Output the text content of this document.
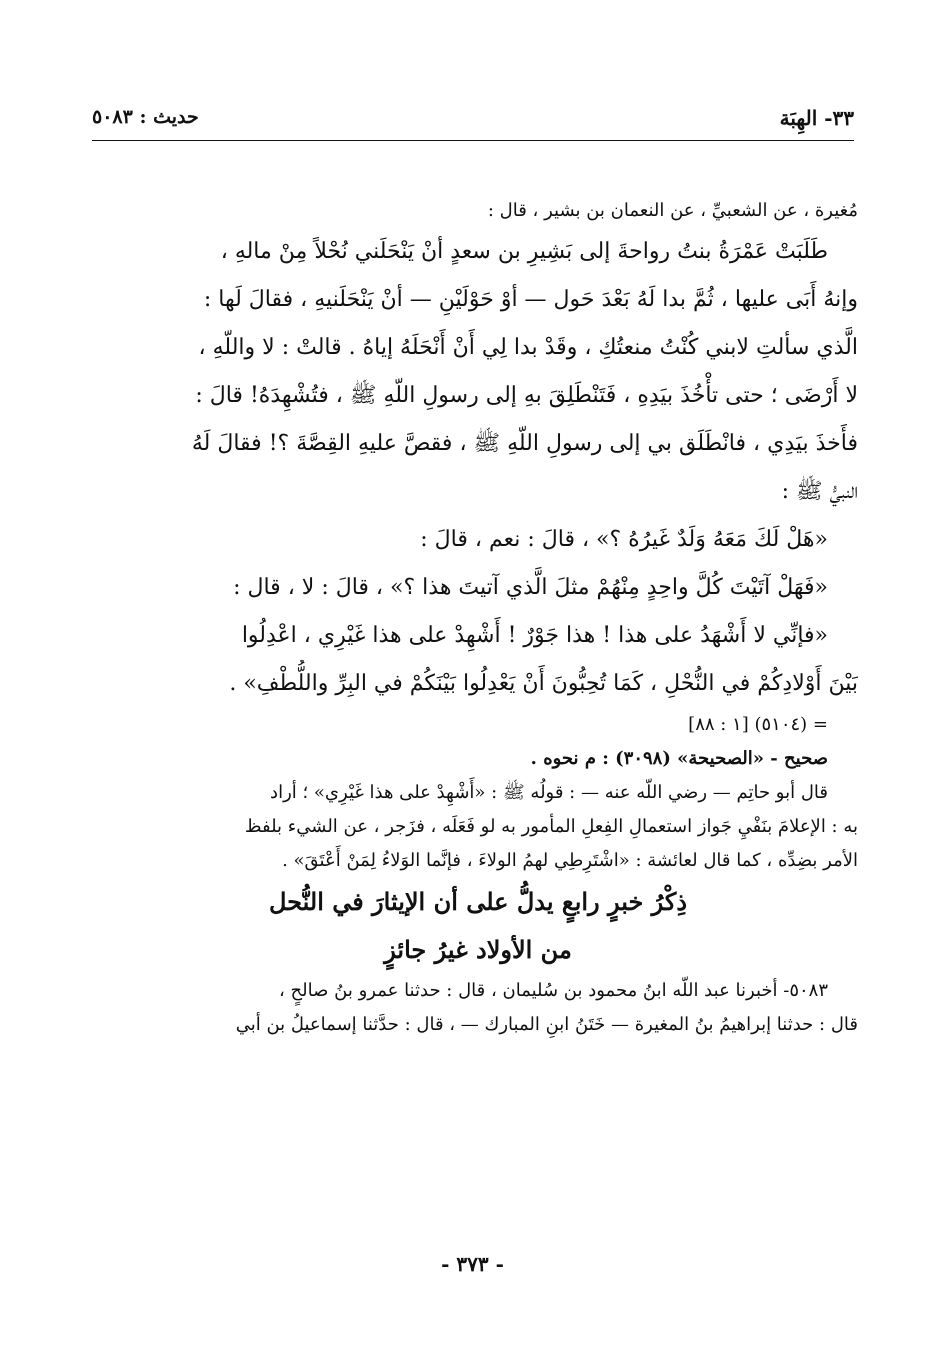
٣٣- الهِبَة
حديث : ٥٠٨٣
مُغيرة ، عن الشعبيِّ ، عن النعمان بن بشير ، قال :
طَلَبَتْ عَمْرَةُ بنتُ رواحةَ إلى بَشِيرِ بن سعدٍ أنْ يَنْحَلَني نُحْلاً مِنْ مالهِ ،
وإنهُ أَبَى عليها ، ثُمَّ بدا لَهُ بَعْدَ حَول — أوْ حَوْلَيْنِ — أنْ يَنْحَلَنيهِ ، فقالَ لَها :
الَّذي سألتِ لابني كُنْتُ منعتُكِ ، وقَدْ بدا لِي أَنْ أَنْحَلَهُ إياهُ . قالتْ : لا واللّهِ ،
لا أَرْضَى ؛ حتى تأْخُذَ بيَدِهِ ، فَتَنْطَلِقَ بهِ إلى رسولِ اللّهِ ﷺ ، فتُشْهِدَهُ! قالَ :
فأَخذَ بيَدِي ، فانْطَلَق بي إلى رسولِ اللّهِ ﷺ ، فقصَّ عليهِ القِصَّةَ ؟! فقالَ لَهُ
النبيُّ ﷺ :
«هَلْ لَكَ مَعَهُ وَلَدٌ غَيرُهُ ؟» ، قالَ : نعم ، قالَ :
«فَهَلْ آتَيْتَ كُلَّ واحِدٍ مِنْهُمْ مثلَ الَّذي آتيتَ هذا ؟» ، قالَ : لا ، قال :
«فإنِّي لا أَشْهَدُ على هذا ! هذا جَوْرٌ ! أَشْهِدْ على هذا غَيْرِي ، اعْدِلُوا
بَيْنَ أَوْلادِكُمْ في النُّحْلِ ، كَمَا تُحِبُّونَ أَنْ يَعْدِلُوا بَيْنَكُمْ في البِرِّ واللُّطْفِ» .
= (٥١٠٤) [١ : ٨٨]
صحيح - «الصحيحة» (٣٠٩٨) : م نحوه .
قال أبو حاتِم — رضي اللّه عنه — : قولُه ﷺ : «أَشْهِدْ على هذا غَيْرِي» ؛ أراد
به : الإعلامَ بنَفْيِ جَواز استعمالِ الفِعلِ المأمور به لو فَعَلَه ، فزَجر ، عن الشيء بلفظ
الأمر بضِدِّه ، كما قال لعائشة : «اشْتَرِطِي لهمُ الولاءَ ، فإنَّما الوَلاءُ لِمَنْ أَعْتَقَ» .
ذِكْرُ خبرٍ رابعٍ يدلُّ على أن الإيثارَ في النُّحل
من الأولاد غيرُ جائزٍ
٥٠٨٣- أخبرنا عبد اللّه ابنُ محمود بن سُليمان ، قال : حدثنا عمرو بنُ صالحٍ ،
قال : حدثنا إبراهيمُ بنُ المغيرة — خَتَنُ ابنِ المبارك — ، قال : حدَّثنا إسماعيلُ بن أبي
- ٣٧٣ -
